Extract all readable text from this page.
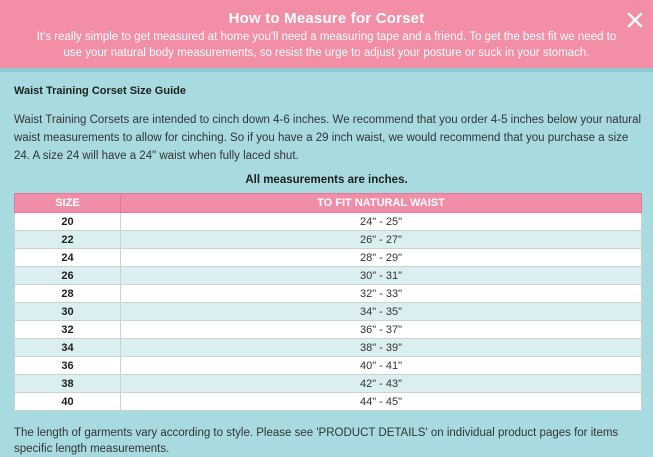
How to Measure for Corset
It's really simple to get measured at home you'll need a measuring tape and a friend. To get the best fit we need to use your natural body measurements, so resist the urge to adjust your posture or suck in your stomach.
Waist Training Corset Size Guide
Waist Training Corsets are intended to cinch down 4-6 inches. We recommend that you order 4-5 inches below your natural waist measurements to allow for cinching. So if you have a 29 inch waist, we would recommend that you purchase a size 24. A size 24 will have a 24" waist when fully laced shut.
All measurements are inches.
SIZE	TO FIT NATURAL WAIST
20	24" - 25"
22	26" - 27"
24	28" - 29"
26	30" - 31"
28	32" - 33"
30	34" - 35"
32	36" - 37"
34	38" - 39"
36	40" - 41"
38	42" - 43"
40	44" - 45"
The length of garments vary according to style. Please see 'PRODUCT DETAILS' on individual product pages for items specific length measurements.
